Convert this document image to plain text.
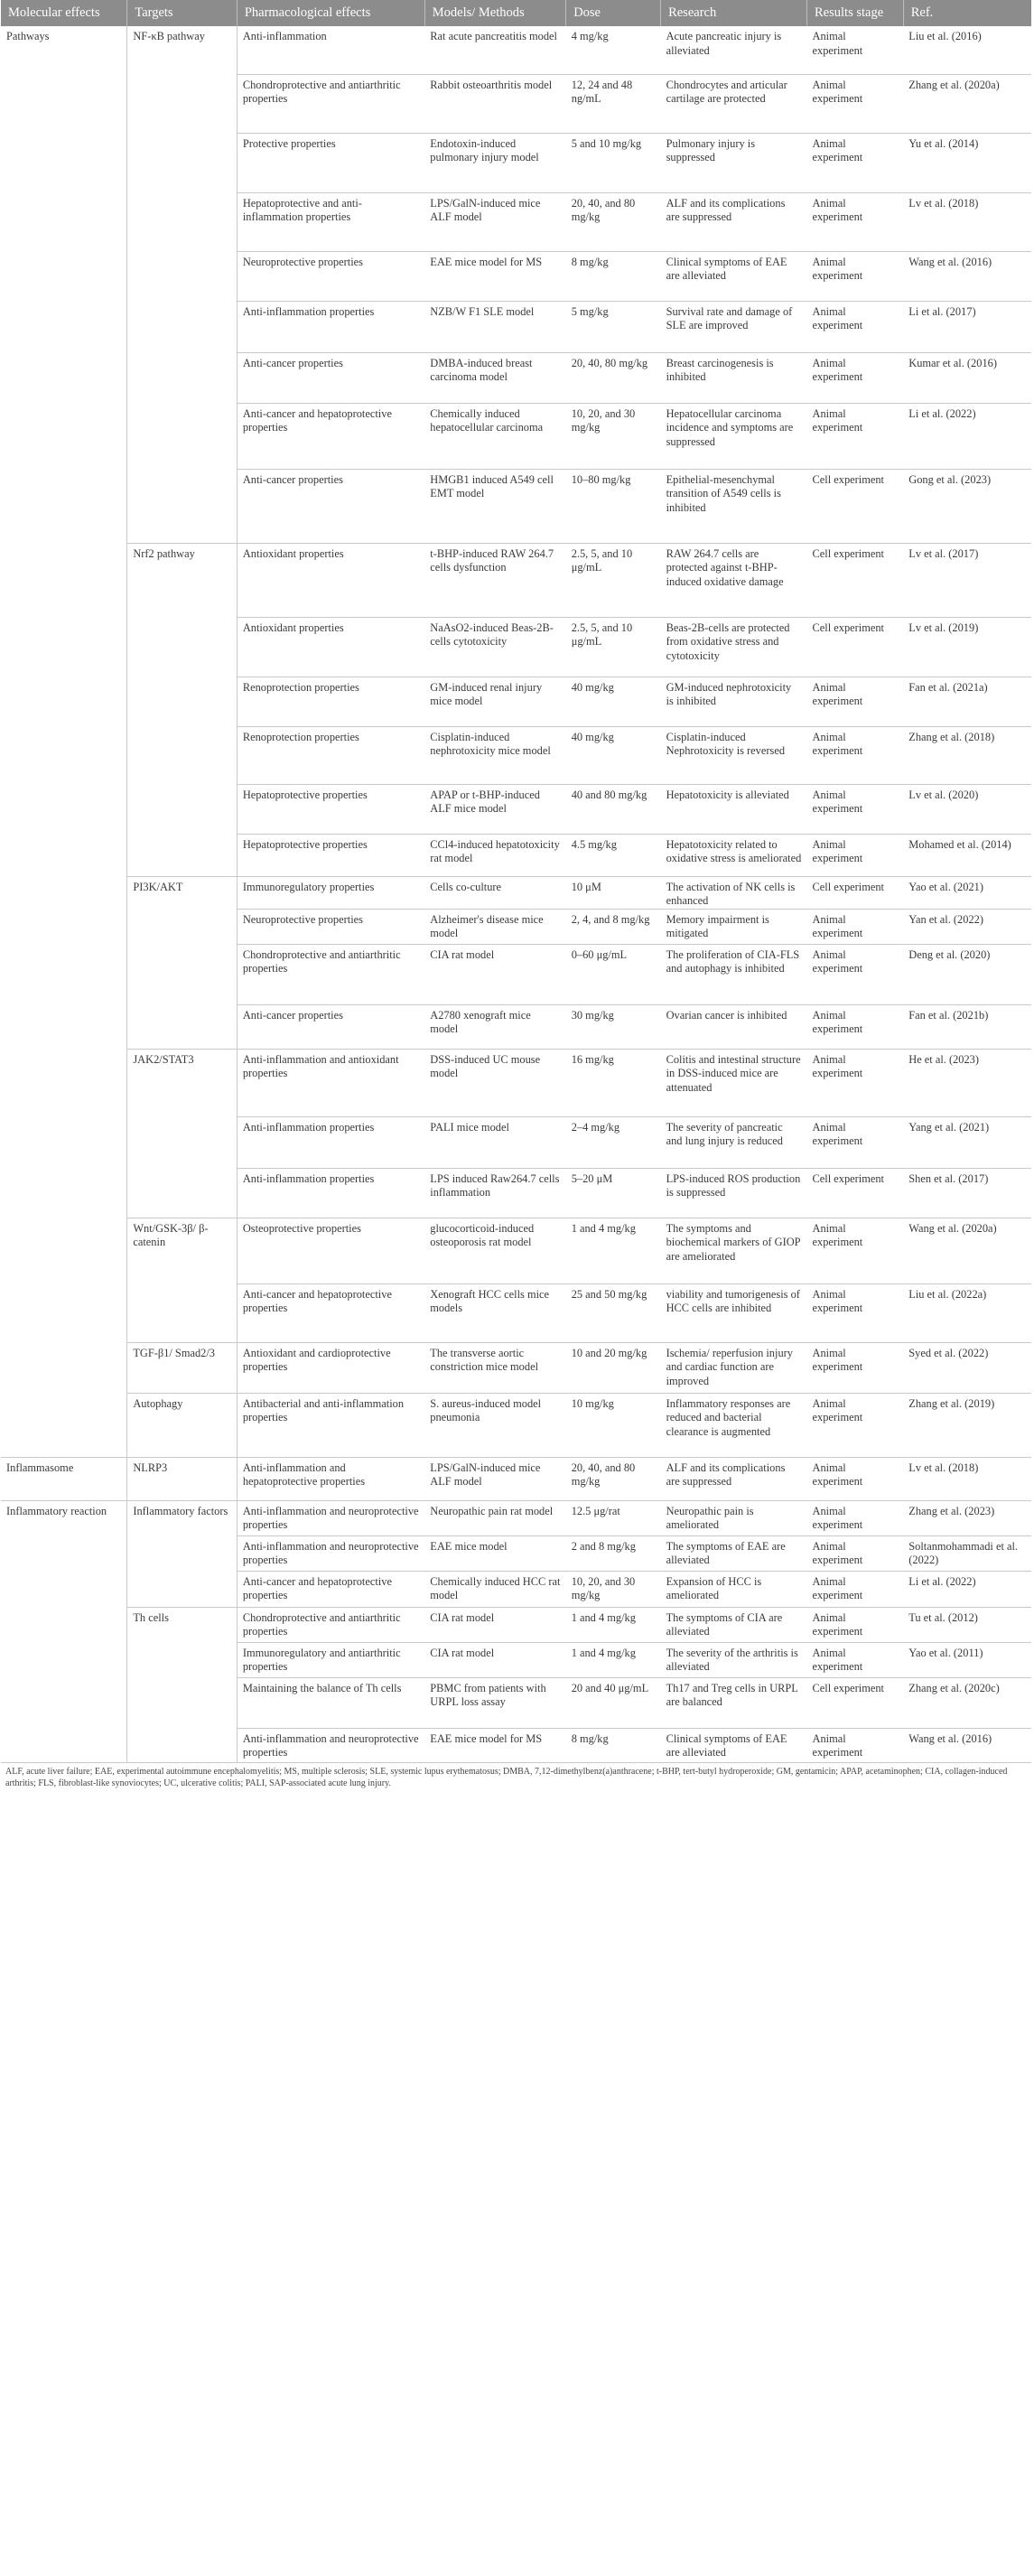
Molecular effects	Targets	Pharmacological effects	Models/ Methods	Dose	Research	Results stage	Ref.
Pathways	NF-κB pathway	Anti-inflammation	Rat acute pancreatitis model	4 mg/kg	Acute pancreatic injury is alleviated	Animal experiment	Liu et al. (2016)
		Chondroprotective and antiarthritic properties	Rabbit osteoarthritis model	12, 24 and 48 ng/mL	Chondrocytes and articular cartilage are protected	Animal experiment	Zhang et al. (2020a)
		Protective properties	Endotoxin-induced pulmonary injury model	5 and 10 mg/kg	Pulmonary injury is suppressed	Animal experiment	Yu et al. (2014)
		Hepatoprotective and anti-inflammation properties	LPS/GalN-induced mice ALF model	20, 40, and 80 mg/kg	ALF and its complications are suppressed	Animal experiment	Lv et al. (2018)
		Neuroprotective properties	EAE mice model for MS	8 mg/kg	Clinical symptoms of EAE are alleviated	Animal experiment	Wang et al. (2016)
		Anti-inflammation properties	NZB/W F1 SLE model	5 mg/kg	Survival rate and damage of SLE are improved	Animal experiment	Li et al. (2017)
		Anti-cancer properties	DMBA-induced breast carcinoma model	20, 40, 80 mg/kg	Breast carcinogenesis is inhibited	Animal experiment	Kumar et al. (2016)
		Anti-cancer and hepatoprotective properties	Chemically induced hepatocellular carcinoma	10, 20, and 30 mg/kg	Hepatocellular carcinoma incidence and symptoms are suppressed	Animal experiment	Li et al. (2022)
		Anti-cancer properties	HMGB1 induced A549 cell EMT model	10–80 mg/kg	Epithelial-mesenchymal transition of A549 cells is inhibited	Cell experiment	Gong et al. (2023)
	Nrf2 pathway	Antioxidant properties	t-BHP-induced RAW 264.7 cells dysfunction	2.5, 5, and 10 μg/mL	RAW 264.7 cells are protected against t-BHP-induced oxidative damage	Cell experiment	Lv et al. (2017)
		Antioxidant properties	NaAsO2-induced Beas-2B-cells cytotoxicity	2.5, 5, and 10 μg/mL	Beas-2B-cells are protected from oxidative stress and cytotoxicity	Cell experiment	Lv et al. (2019)
		Renoprotection properties	GM-induced renal injury mice model	40 mg/kg	GM-induced nephrotoxicity is inhibited	Animal experiment	Fan et al. (2021a)
		Renoprotection properties	Cisplatin-induced nephrotoxicity mice model	40 mg/kg	Cisplatin-induced Nephrotoxicity is reversed	Animal experiment	Zhang et al. (2018)
		Hepatoprotective properties	APAP or t-BHP-induced ALF mice model	40 and 80 mg/kg	Hepatotoxicity is alleviated	Animal experiment	Lv et al. (2020)
		Hepatoprotective properties	CCl4-induced hepatotoxicity rat model	4.5 mg/kg	Hepatotoxicity related to oxidative stress is ameliorated	Animal experiment	Mohamed et al. (2014)
	PI3K/AKT	Immunoregulatory properties	Cells co-culture	10 μM	The activation of NK cells is enhanced	Cell experiment	Yao et al. (2021)
		Neuroprotective properties	Alzheimer's disease mice model	2, 4, and 8 mg/kg	Memory impairment is mitigated	Animal experiment	Yan et al. (2022)
		Chondroprotective and antiarthritic properties	CIA rat model	0–60 μg/mL	The proliferation of CIA-FLS and autophagy is inhibited	Animal experiment	Deng et al. (2020)
		Anti-cancer properties	A2780 xenograft mice model	30 mg/kg	Ovarian cancer is inhibited	Animal experiment	Fan et al. (2021b)
	JAK2/STAT3	Anti-inflammation and antioxidant properties	DSS-induced UC mouse model	16 mg/kg	Colitis and intestinal structure in DSS-induced mice are attenuated	Animal experiment	He et al. (2023)
		Anti-inflammation properties	PALI mice model	2–4 mg/kg	The severity of pancreatic and lung injury is reduced	Animal experiment	Yang et al. (2021)
		Anti-inflammation properties	LPS induced Raw264.7 cells inflammation	5–20 μM	LPS-induced ROS production is suppressed	Cell experiment	Shen et al. (2017)
	Wnt/GSK-3β/ β-catenin	Osteoprotective properties	glucocorticoid-induced osteoporosis rat model	1 and 4 mg/kg	The symptoms and biochemical markers of GIOP are ameliorated	Animal experiment	Wang et al. (2020a)
		Anti-cancer and hepatoprotective properties	Xenograft HCC cells mice models	25 and 50 mg/kg	viability and tumorigenesis of HCC cells are inhibited	Animal experiment	Liu et al. (2022a)
	TGF-β1/ Smad2/3	Antioxidant and cardioprotective properties	The transverse aortic constriction mice model	10 and 20 mg/kg	Ischemia/ reperfusion injury and cardiac function are improved	Animal experiment	Syed et al. (2022)
	Autophagy	Antibacterial and anti-inflammation properties	S. aureus-induced model pneumonia	10 mg/kg	Inflammatory responses are reduced and bacterial clearance is augmented	Animal experiment	Zhang et al. (2019)
Inflammasome	NLRP3	Anti-inflammation and hepatoprotective properties	LPS/GalN-induced mice ALF model	20, 40, and 80 mg/kg	ALF and its complications are suppressed	Animal experiment	Lv et al. (2018)
Inflammatory reaction	Inflammatory factors	Anti-inflammation and neuroprotective properties	Neuropathic pain rat model	12.5 μg/rat	Neuropathic pain is ameliorated	Animal experiment	Zhang et al. (2023)
		Anti-inflammation and neuroprotective properties	EAE mice model	2 and 8 mg/kg	The symptoms of EAE are alleviated	Animal experiment	Soltanmohammadi et al. (2022)
		Anti-cancer and hepatoprotective properties	Chemically induced HCC rat model	10, 20, and 30 mg/kg	Expansion of HCC is ameliorated	Animal experiment	Li et al. (2022)
	Th cells	Chondroprotective and antiarthritic properties	CIA rat model	1 and 4 mg/kg	The symptoms of CIA are alleviated	Animal experiment	Tu et al. (2012)
		Immunoregulatory and antiarthritic properties	CIA rat model	1 and 4 mg/kg	The severity of the arthritis is alleviated	Animal experiment	Yao et al. (2011)
		Maintaining the balance of Th cells	PBMC from patients with URPL loss assay	20 and 40 μg/mL	Th17 and Treg cells in URPL are balanced	Cell experiment	Zhang et al. (2020c)
		Anti-inflammation and neuroprotective properties	EAE mice model for MS	8 mg/kg	Clinical symptoms of EAE are alleviated	Animal experiment	Wang et al. (2016)
ALF, acute liver failure; EAE, experimental autoimmune encephalomyelitis; MS, multiple sclerosis; SLE, systemic lupus erythematosus; DMBA, 7,12-dimethylbenz(a)anthracene; t-BHP, tert-butyl hydroperoxide; GM, gentamicin; APAP, acetaminophen; CIA, collagen-induced arthritis; FLS, fibroblast-like synoviocytes; UC, ulcerative colitis; PALI, SAP-associated acute lung injury.
